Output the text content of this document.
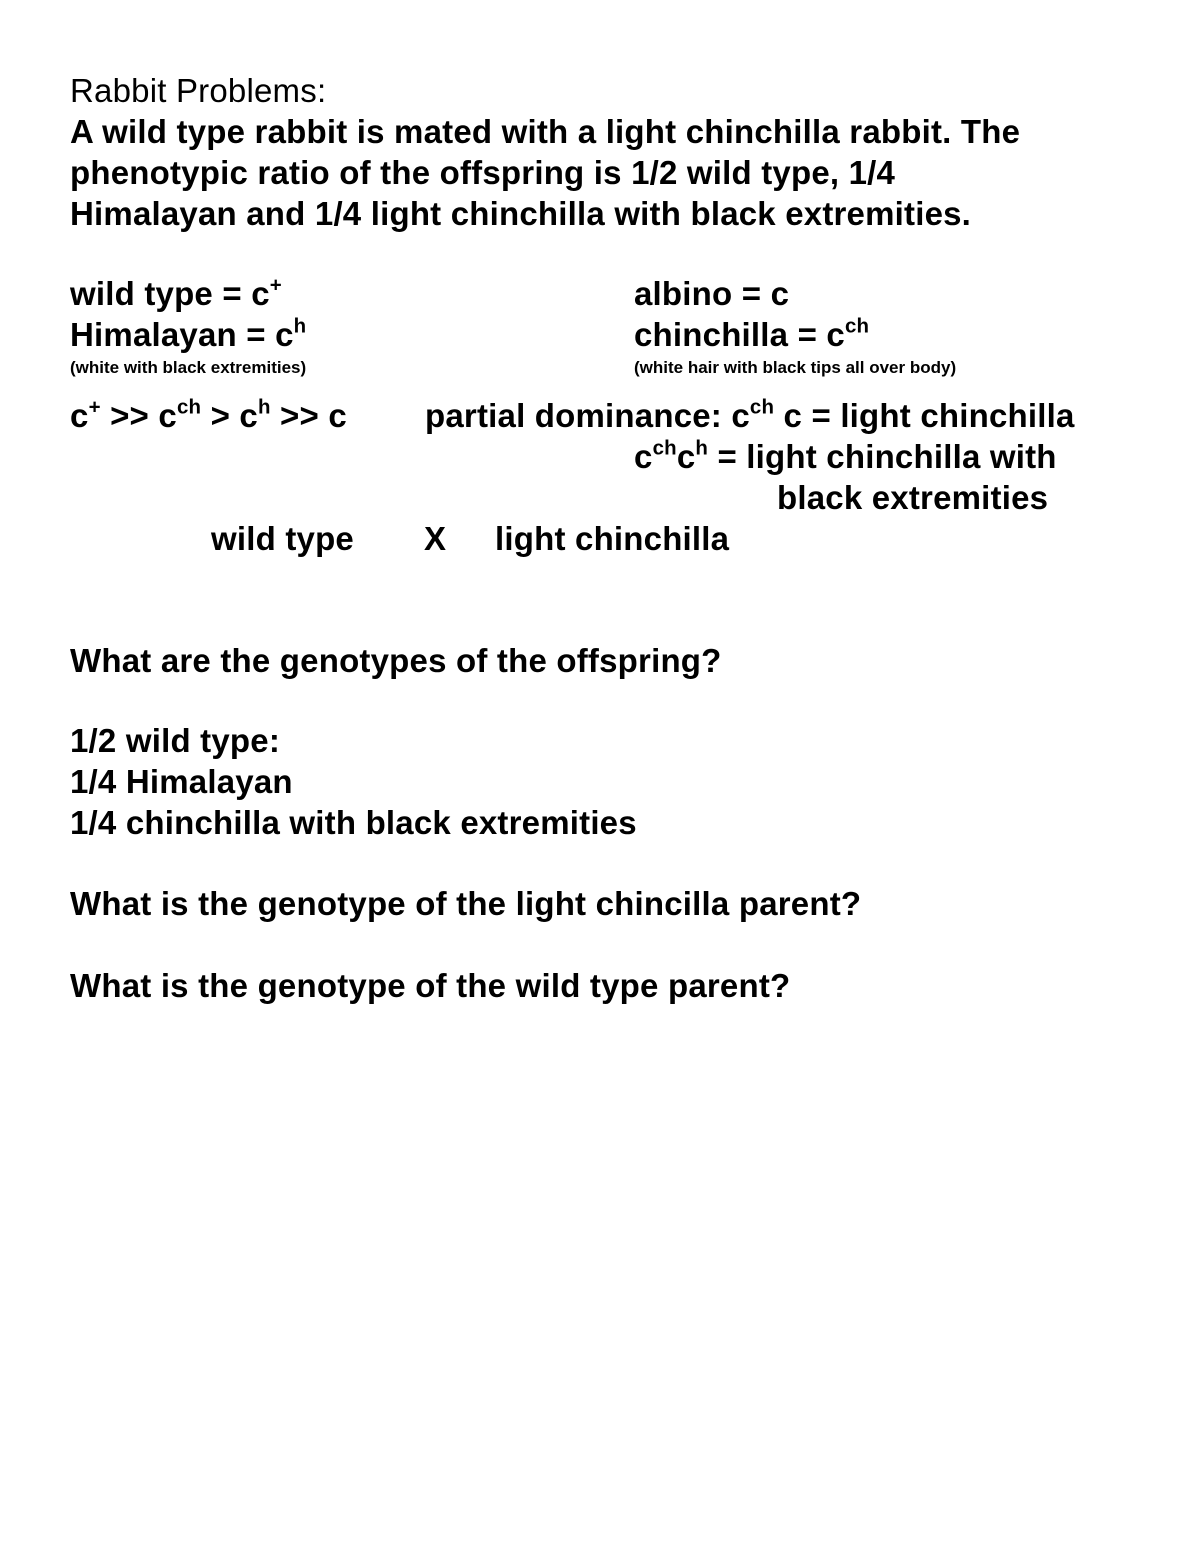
Rabbit Problems:
A wild type rabbit is mated with a light chinchilla rabbit. The
phenotypic ratio of the offspring is 1/2 wild type, 1/4
Himalayan and 1/4 light chinchilla with black extremities.
wild type = c+	albino = c
Himalayan = $c^h$	chinchilla = $c^{ch}$
(white with black extremities)	(white hair with black tips all over body)
$c^+ >> c^{ch} > c^h >> c$ partial dominance: $c^{ch}$ c = light chinchilla
$c^{ch}c^h$ = light chinchilla with
black extremities
wild type X light chinchilla
What are the genotypes of the offspring?
1/2 wild type:
1/4 Himalayan
1/4 chinchilla with black extremities
What is the genotype of the light chincilla parent?
What is the genotype of the wild type parent?
